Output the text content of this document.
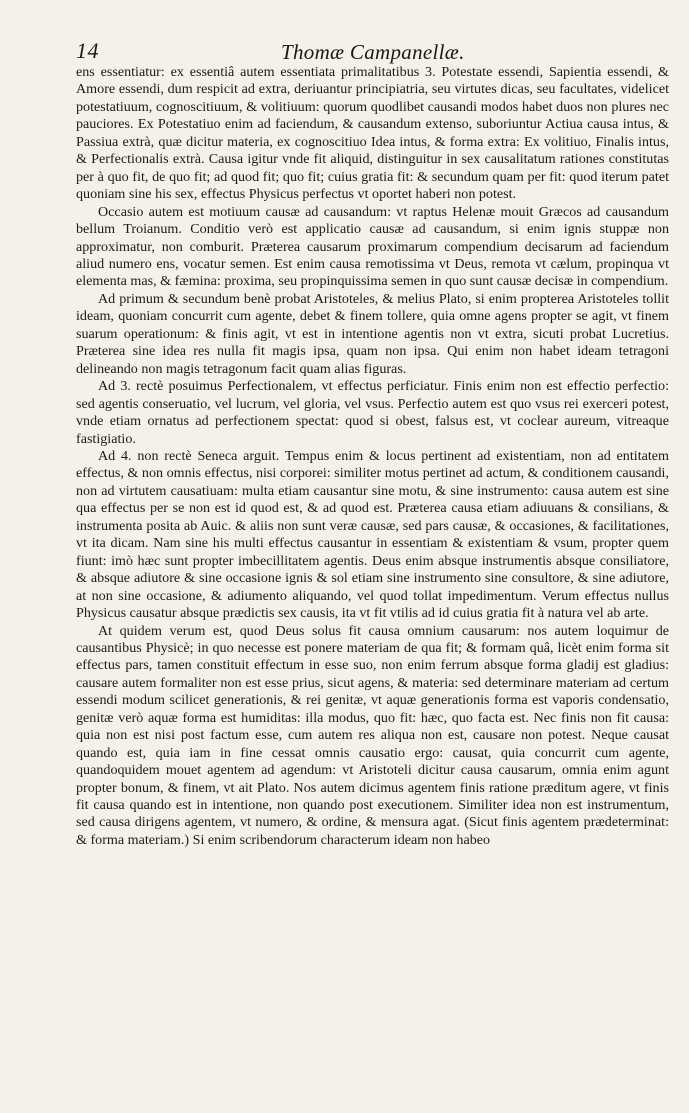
14	Thomæ Campanellæ.

ens essentiatur: ex essentiâ autem essentiata primalitatibus 3. Potestate essendi, Sapientia essendi, & Amore essendi, dum respicit ad extra, deriuantur principiatria, seu virtutes dicas, seu facultates, videlicet potestatiuum, cognoscitiuum, & volitiuum: quorum quodlibet causandi modos habet duos non plures nec pauciores. Ex Potestatiuo enim ad faciendum, & causandum extenso, suboriuntur Actiua causa intus, & Passiua extrà, quæ dicitur materia, ex cognoscitiuo Idea intus, & forma extra: Ex volitiuo, Finalis intus, & Perfectionalis extrà. Causa igitur vnde fit aliquid, distinguitur in sex causalitatum rationes constitutas per à quo fit, de quo fit; ad quod fit; quo fit; cuius gratia fit: & secundum quam per fit: quod iterum patet quoniam sine his sex, effectus Physicus perfectus vt oportet haberi non potest.

Occasio autem est motiuum causæ ad causandum: vt raptus Helenæ mouit Græcos ad causandum bellum Troianum. Conditio verò est applicatio causæ ad causandum, si enim ignis stuppæ non approximatur, non comburit. Præterea causarum proximarum compendium decisarum ad faciendum aliud numero ens, vocatur semen. Est enim causa remotissima vt Deus, remota vt cælum, propinqua vt elementa mas, & fæmina: proxima, seu propinquissima semen in quo sunt causæ decisæ in compendium.

Ad primum & secundum benè probat Aristoteles, & melius Plato, si enim propterea Aristoteles tollit ideam, quoniam concurrit cum agente, debet & finem tollere, quia omne agens propter se agit, vt finem suarum operationum: & finis agit, vt est in intentione agentis non vt extra, sicuti probat Lucretius. Præterea sine idea res nulla fit magis ipsa, quam non ipsa. Qui enim non habet ideam tetragoni delineando non magis tetragonum facit quam alias figuras.

Ad 3. rectè posuimus Perfectionalem, vt effectus perficiatur. Finis enim non est effectio perfectio: sed agentis conseruatio, vel lucrum, vel gloria, vel vsus. Perfectio autem est quo vsus rei exerceri potest, vnde etiam ornatus ad perfectionem spectat: quod si obest, falsus est, vt coclear aureum, vitreaque fastigiatio.

Ad 4. non rectè Seneca arguit. Tempus enim & locus pertinent ad existentiam, non ad entitatem effectus, & non omnis effectus, nisi corporei: similiter motus pertinet ad actum, & conditionem causandi, non ad virtutem causatiuam: multa etiam causantur sine motu, & sine instrumento: causa autem est sine qua effectus per se non est id quod est, & ad quod est. Præterea causa etiam adiuuans & consilians, & instrumenta posita ab Auic. & aliis non sunt veræ causæ, sed pars causæ, & occasiones, & facilitationes, vt ita dicam. Nam sine his multi effectus causantur in essentiam & existentiam & vsum, propter quem fiunt: imò hæc sunt propter imbecillitatem agentis. Deus enim absque instrumentis absque consiliatore, & absque adiutore & sine occasione ignis & sol etiam sine instrumento sine consultore, & sine adiutore, at non sine occasione, & adiumento aliquando, vel quod tollat impedimentum. Verum effectus nullus Physicus causatur absque prædictis sex causis, ita vt fit vtilis ad id cuius gratia fit à natura vel ab arte.

At quidem verum est, quod Deus solus fit causa omnium causarum: nos autem loquimur de causantibus Physicè; in quo necesse est ponere materiam de qua fit; & formam quâ, licèt enim forma sit effectus pars, tamen constituit effectum in esse suo, non enim ferrum absque forma gladij est gladius: causare autem formaliter non est esse prius, sicut agens, & materia: sed determinare materiam ad certum essendi modum scilicet generationis, & rei genitæ, vt aquæ generationis forma est vaporis condensatio, genitæ verò aquæ forma est humiditas: illa modus, quo fit: hæc, quo facta est. Nec finis non fit causa: quia non est nisi post factum esse, cum autem res aliqua non est, causare non potest. Neque causat quando est, quia iam in fine cessat omnis causatio ergo: causat, quia concurrit cum agente, quandoquidem mouet agentem ad agendum: vt Aristoteli dicitur causa causarum, omnia enim agunt propter bonum, & finem, vt ait Plato. Nos autem dicimus agentem finis ratione præditum agere, vt finis fit causa quando est in intentione, non quando post executionem. Similiter idea non est instrumentum, sed causa dirigens agentem, vt numero, & ordine, & mensura agat. (Sicut finis agentem prædeterminat: & forma materiam.) Si enim scribendorum characterum ideam non habeo
